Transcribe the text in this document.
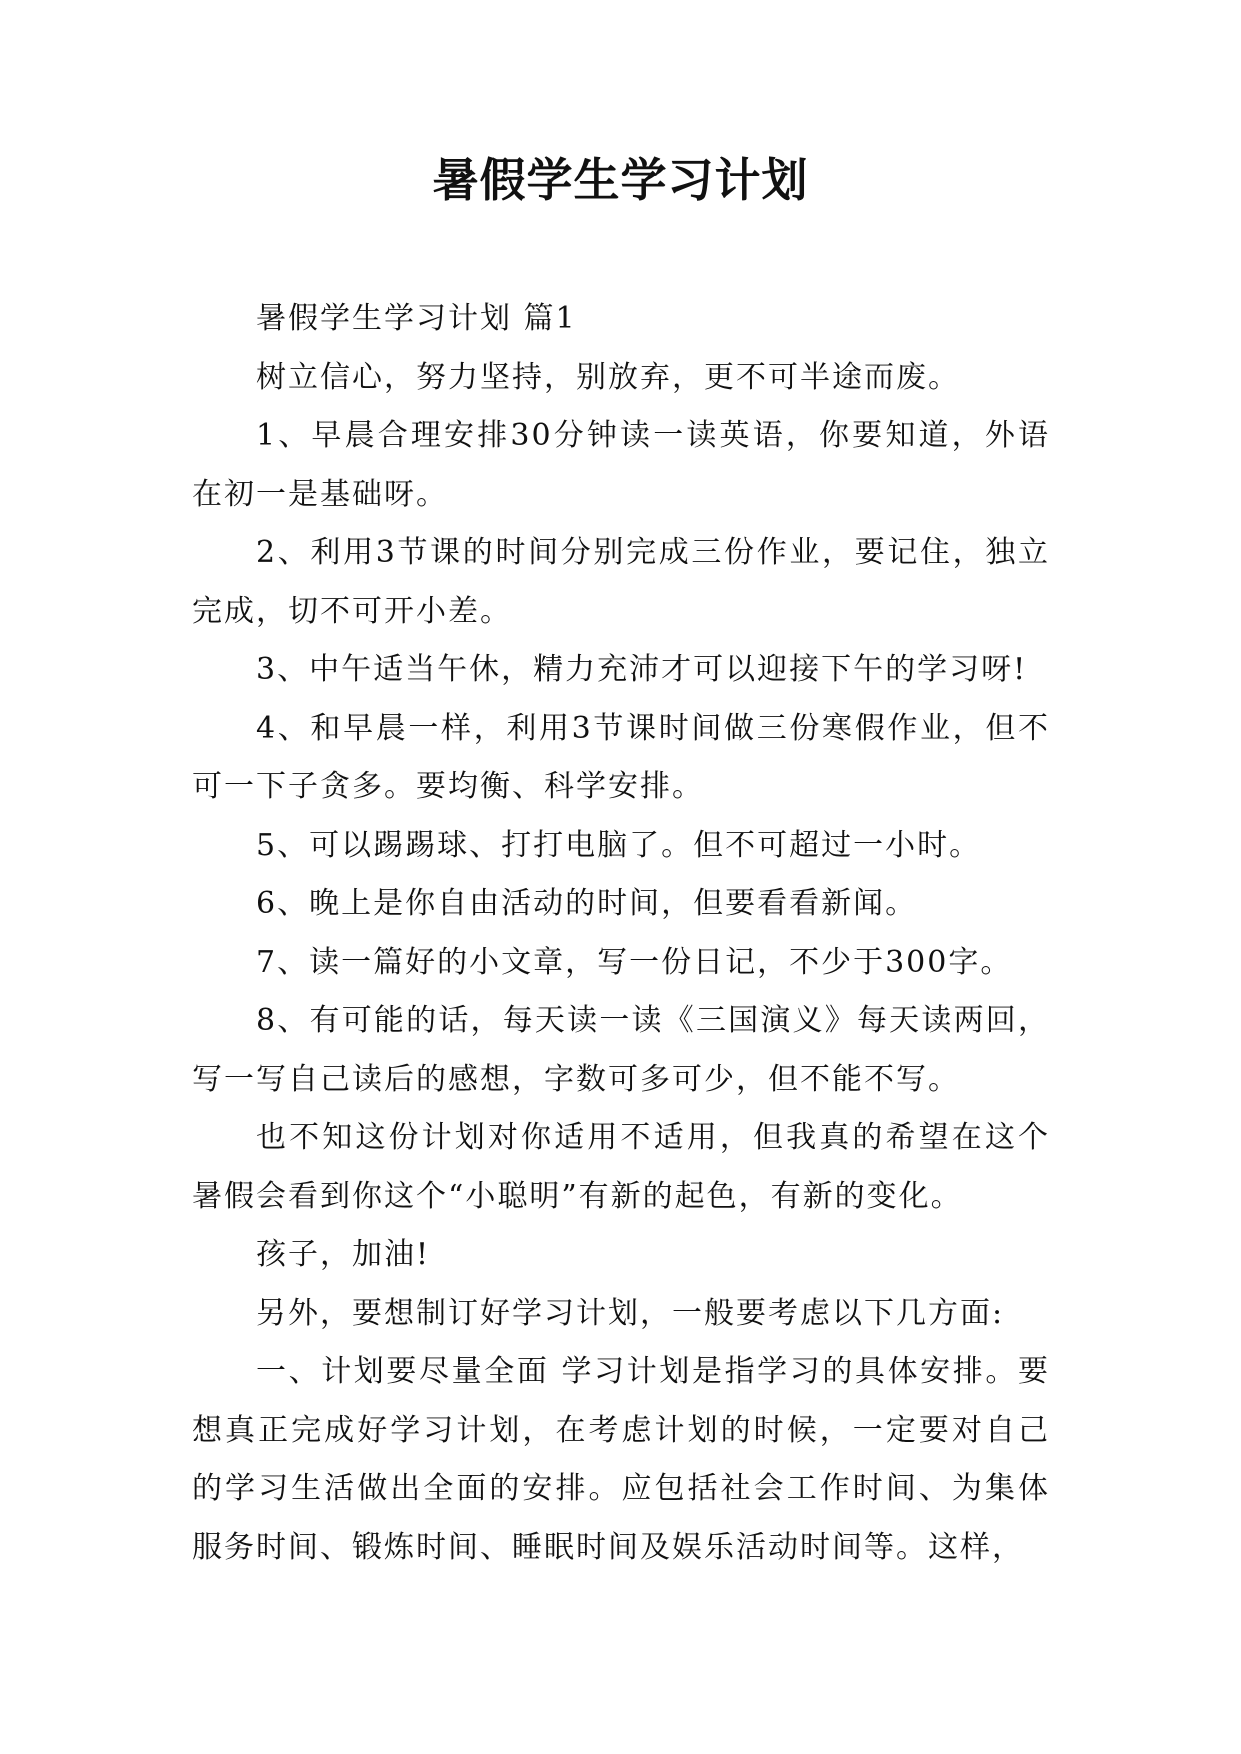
暑假学生学习计划

暑假学生学习计划 篇1

树立信心，努力坚持，别放弃，更不可半途而废。

1、早晨合理安排30分钟读一读英语，你要知道，外语在初一是基础呀。

2、利用3节课的时间分别完成三份作业，要记住，独立完成，切不可开小差。

3、中午适当午休，精力充沛才可以迎接下午的学习呀!

4、和早晨一样，利用3节课时间做三份寒假作业，但不可一下子贪多。要均衡、科学安排。

5、可以踢踢球、打打电脑了。但不可超过一小时。

6、晚上是你自由活动的时间，但要看看新闻。

7、读一篇好的小文章，写一份日记，不少于300字。

8、有可能的话，每天读一读《三国演义》每天读两回，写一写自己读后的感想，字数可多可少，但不能不写。

也不知这份计划对你适用不适用，但我真的希望在这个暑假会看到你这个“小聪明”有新的起色，有新的变化。

孩子，加油!

另外，要想制订好学习计划，一般要考虑以下几方面:

一、计划要尽量全面 学习计划是指学习的具体安排。要想真正完成好学习计划，在考虑计划的时候，一定要对自己的学习生活做出全面的安排。应包括社会工作时间、为集体服务时间、锻炼时间、睡眠时间及娱乐活动时间等。这样，
